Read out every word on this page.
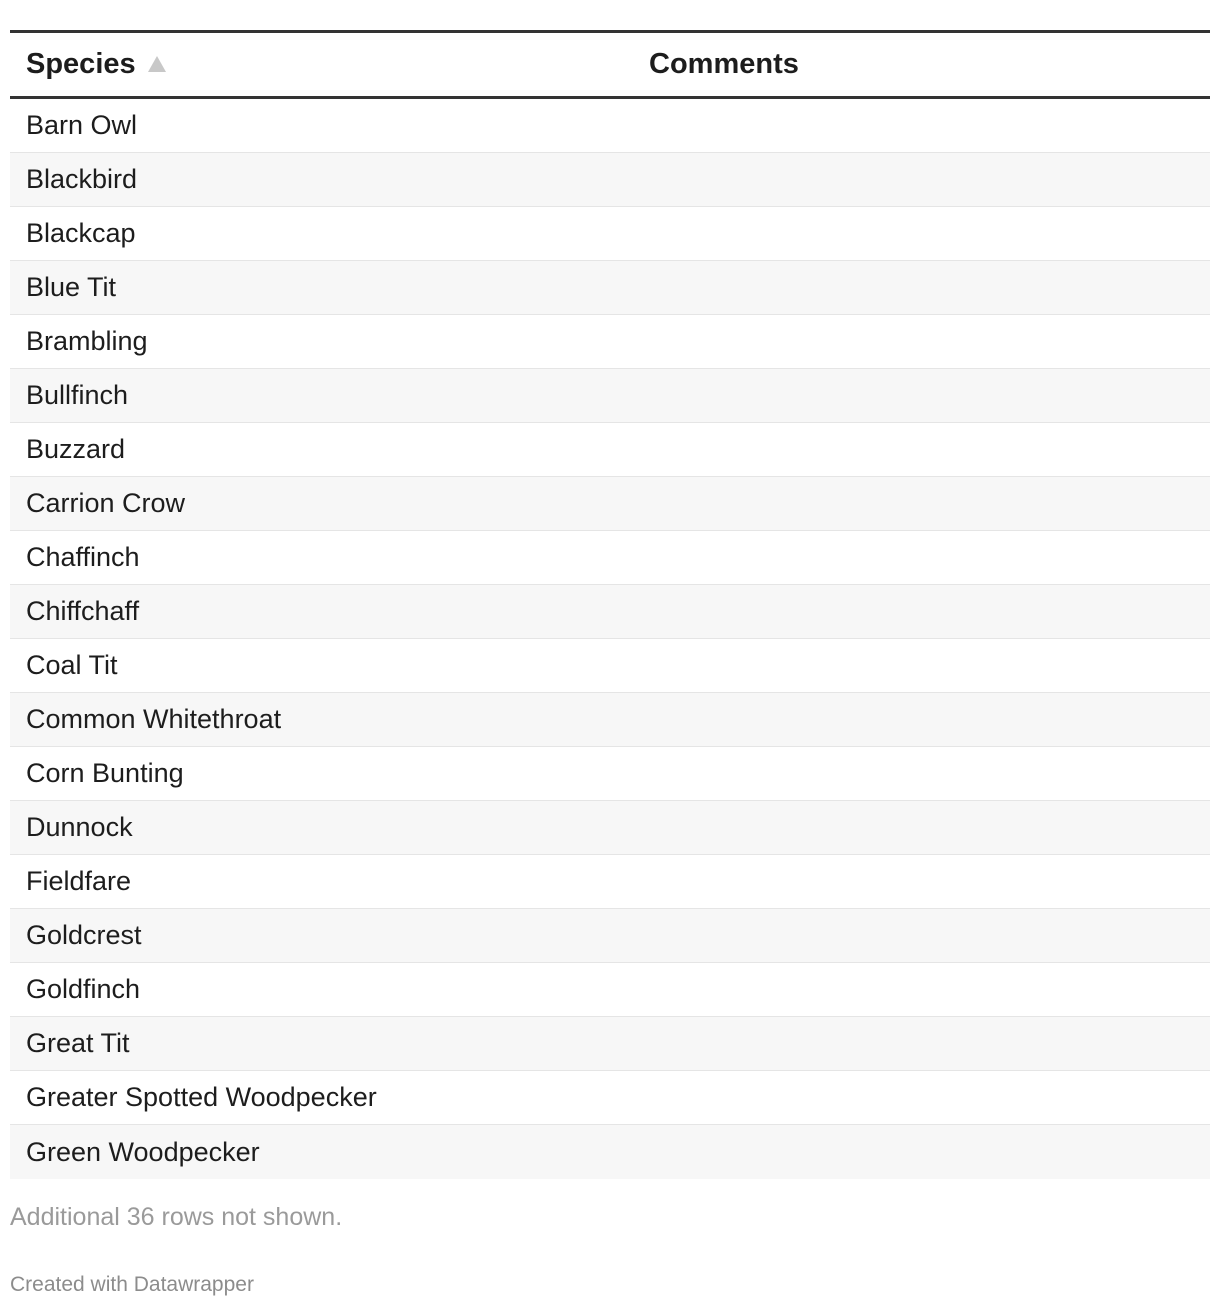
Species	Comments
Barn Owl
Blackbird
Blackcap
Blue Tit
Brambling
Bullfinch
Buzzard
Carrion Crow
Chaffinch
Chiffchaff
Coal Tit
Common Whitethroat
Corn Bunting
Dunnock
Fieldfare
Goldcrest
Goldfinch
Great Tit
Greater Spotted Woodpecker
Green Woodpecker
Additional 36 rows not shown.
Created with Datawrapper
